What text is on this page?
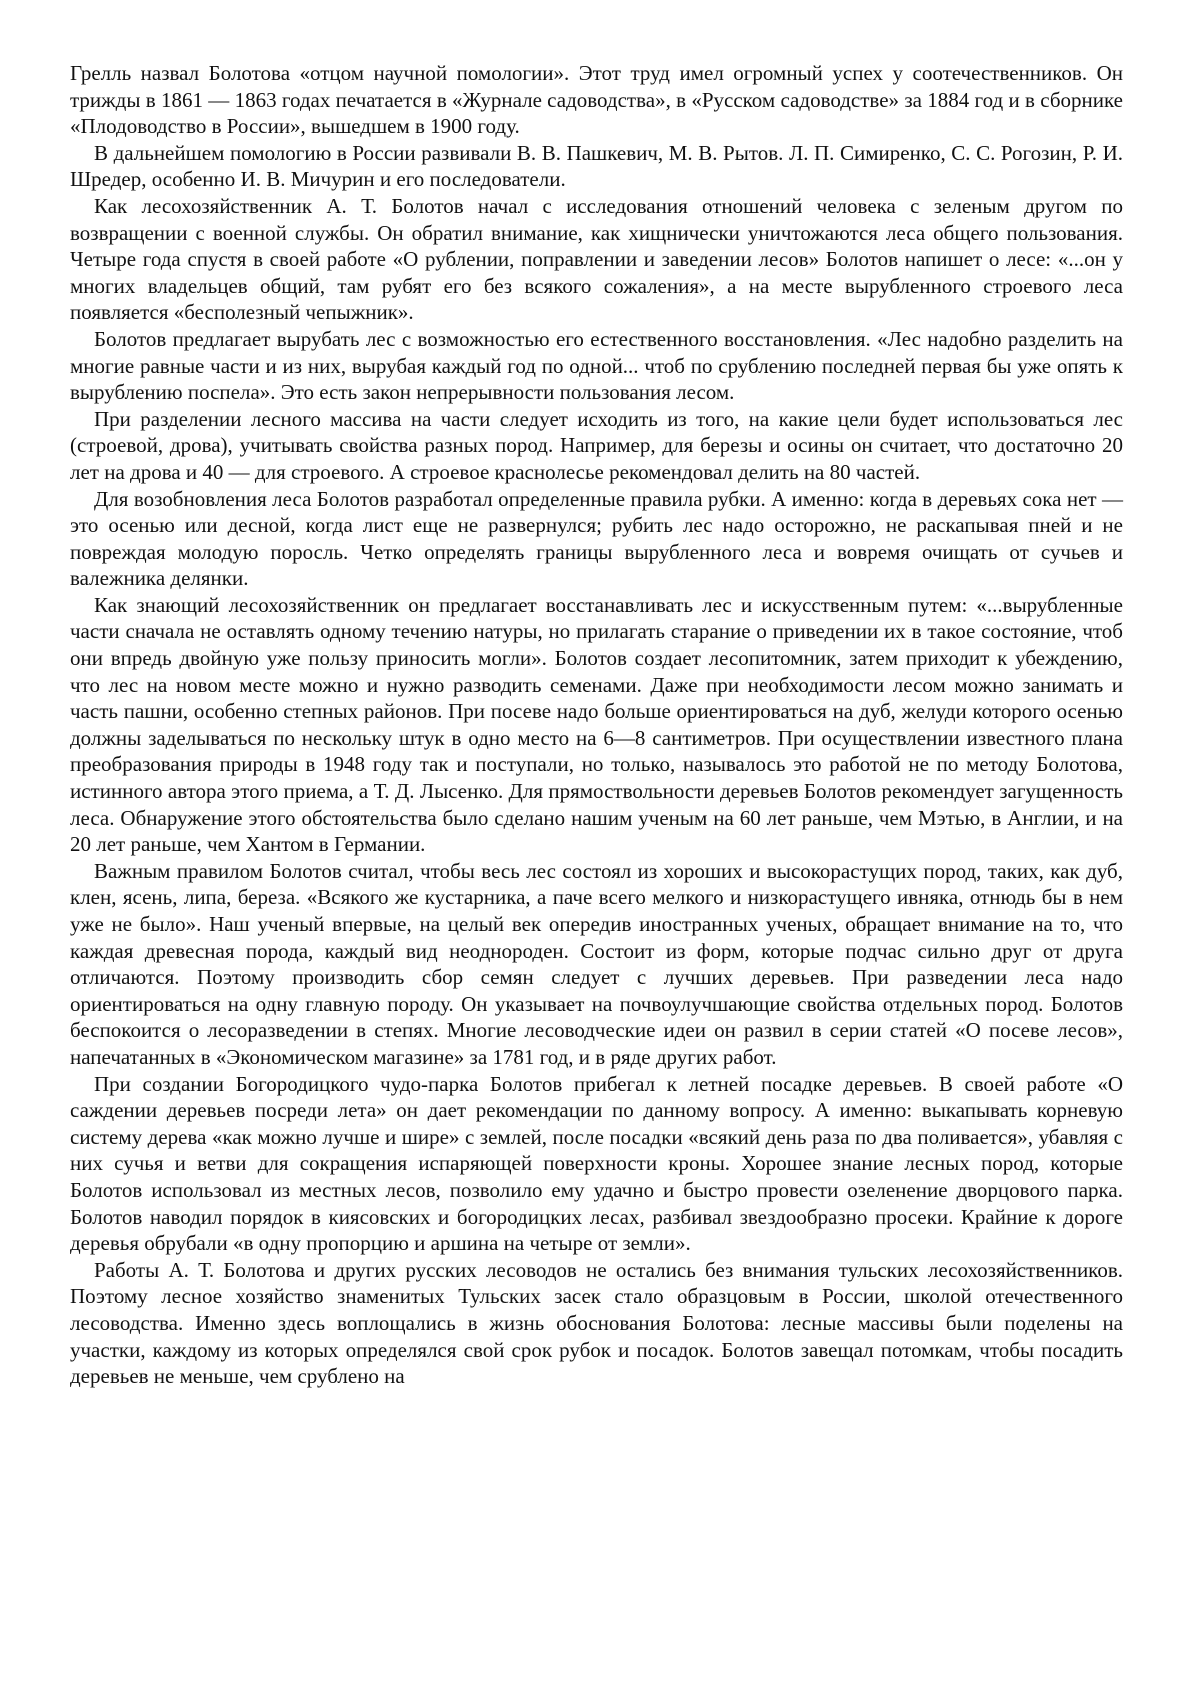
Грелль назвал Болотова «отцом научной помологии». Этот труд имел огромный успех у соотечественников. Он трижды в 1861 — 1863 годах печатается в «Журнале садоводства», в «Русском садоводстве» за 1884 год и в сборнике «Плодоводство в России», вышедшем в 1900 году.

В дальнейшем помологию в России развивали В. В. Пашкевич, М. В. Рытов. Л. П. Симиренко, С. С. Рогозин, Р. И. Шредер, особенно И. В. Мичурин и его последователи.

Как лесохозяйственник А. Т. Болотов начал с исследования отношений человека с зеленым другом по возвращении с военной службы. Он обратил внимание, как хищнически уничтожаются леса общего пользования. Четыре года спустя в своей работе «О рублении, поправлении и заведении лесов» Болотов напишет о лесе: «...он у многих владельцев общий, там рубят его без всякого сожаления», а на месте вырубленного строевого леса появляется «бесполезный чепыжник».

Болотов предлагает вырубать лес с возможностью его естественного восстановления. «Лес надобно разделить на многие равные части и из них, вырубая каждый год по одной... чтоб по срублению последней первая бы уже опять к вырублению поспела». Это есть закон непрерывности пользования лесом.

При разделении лесного массива на части следует исходить из того, на какие цели будет использоваться лес (строевой, дрова), учитывать свойства разных пород. Например, для березы и осины он считает, что достаточно 20 лет на дрова и 40 — для строевого. А строевое краснолесье рекомендовал делить на 80 частей.

Для возобновления леса Болотов разработал определенные правила рубки. А именно: когда в деревьях сока нет — это осенью или десной, когда лист еще не развернулся; рубить лес надо осторожно, не раскапывая пней и не повреждая молодую поросль. Четко определять границы вырубленного леса и вовремя очищать от сучьев и валежника делянки.

Как знающий лесохозяйственник он предлагает восстанавливать лес и искусственным путем: «...вырубленные части сначала не оставлять одному течению натуры, но прилагать старание о приведении их в такое состояние, чтоб они впредь двойную уже пользу приносить могли». Болотов создает лесопитомник, затем приходит к убеждению, что лес на новом месте можно и нужно разводить семенами. Даже при необходимости лесом можно занимать и часть пашни, особенно степных районов. При посеве надо больше ориентироваться на дуб, желуди которого осенью должны заделываться по нескольку штук в одно место на 6—8 сантиметров. При осуществлении известного плана преобразования природы в 1948 году так и поступали, но только, называлось это работой не по методу Болотова, истинного автора этого приема, а Т. Д. Лысенко. Для прямоствольности деревьев Болотов рекомендует загущенность леса. Обнаружение этого обстоятельства было сделано нашим ученым на 60 лет раньше, чем Мэтью, в Англии, и на 20 лет раньше, чем Хантом в Германии.

Важным правилом Болотов считал, чтобы весь лес состоял из хороших и высокорастущих пород, таких, как дуб, клен, ясень, липа, береза. «Всякого же кустарника, а паче всего мелкого и низкорастущего ивняка, отнюдь бы в нем уже не было». Наш ученый впервые, на целый век опередив иностранных ученых, обращает внимание на то, что каждая древесная порода, каждый вид неоднороден. Состоит из форм, которые подчас сильно друг от друга отличаются. Поэтому производить сбор семян следует с лучших деревьев. При разведении леса надо ориентироваться на одну главную породу. Он указывает на почвоулучшающие свойства отдельных пород. Болотов беспокоится о лесоразведении в степях. Многие лесоводческие идеи он развил в серии статей «О посеве лесов», напечатанных в «Экономическом магазине» за 1781 год, и в ряде других работ.

При создании Богородицкого чудо-парка Болотов прибегал к летней посадке деревьев. В своей работе «О саждении деревьев посреди лета» он дает рекомендации по данному вопросу. А именно: выкапывать корневую систему дерева «как можно лучше и шире» с землей, после посадки «всякий день раза по два поливается», убавляя с них сучья и ветви для сокращения испаряющей поверхности кроны. Хорошее знание лесных пород, которые Болотов использовал из местных лесов, позволило ему удачно и быстро провести озеленение дворцового парка. Болотов наводил порядок в киясовских и богородицких лесах, разбивал звездообразно просеки. Крайние к дороге деревья обрубали «в одну пропорцию и аршина на четыре от земли».

Работы А. Т. Болотова и других русских лесоводов не остались без внимания тульских лесохозяйственников. Поэтому лесное хозяйство знаменитых Тульских засек стало образцовым в России, школой отечественного лесоводства. Именно здесь воплощались в жизнь обоснования Болотова: лесные массивы были поделены на участки, каждому из которых определялся свой срок рубок и посадок. Болотов завещал потомкам, чтобы посадить деревьев не меньше, чем срублено на
